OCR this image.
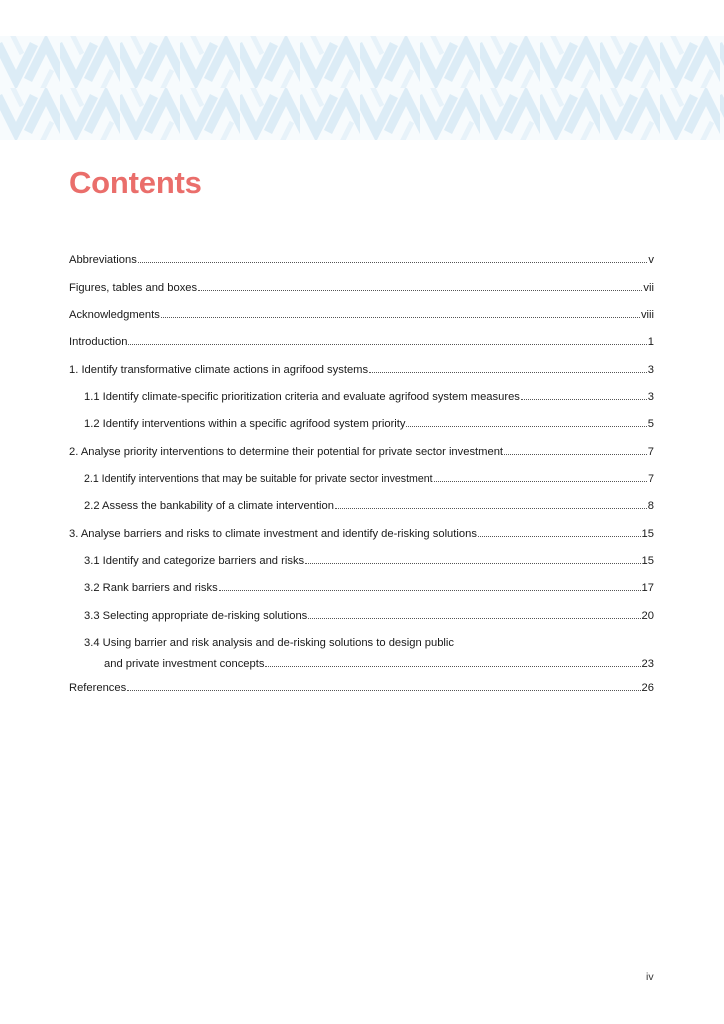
Contents
Abbreviations	v
Figures, tables and boxes	vii
Acknowledgments	viii
Introduction	1
1. Identify transformative climate actions in agrifood systems	3
1.1 Identify climate-specific prioritization criteria and evaluate agrifood system measures	3
1.2 Identify interventions within a specific agrifood system priority	5
2. Analyse priority interventions to determine their potential for private sector investment	7
2.1 Identify interventions that may be suitable for private sector investment	7
2.2 Assess the bankability of a climate intervention	8
3. Analyse barriers and risks to climate investment and identify de-risking solutions	15
3.1 Identify and categorize barriers and risks	15
3.2 Rank barriers and risks	17
3.3 Selecting appropriate de-risking solutions	20
3.4 Using barrier and risk analysis and de-risking solutions to design public
and private investment concepts	23
References	26
iv
